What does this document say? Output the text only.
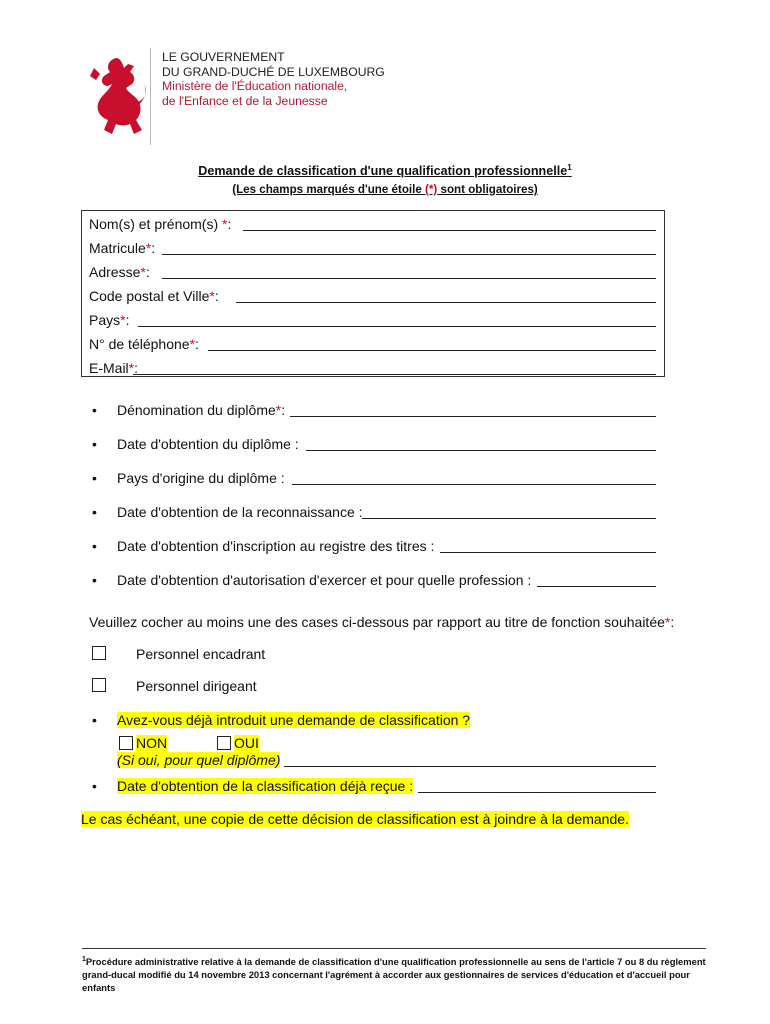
LE GOUVERNEMENT
DU GRAND-DUCHÉ DE LUXEMBOURG
Ministère de l'Éducation nationale,
de l'Enfance et de la Jeunesse
Demande de classification d'une qualification professionnelle$^1$
(Les champs marqués d'une étoile (*) sont obligatoires)
Nom(s) et prénom(s) *:
Matricule*:
Adresse*:
Code postal et Ville*:
Pays*:
N° de téléphone*:
E-Mail*:
• Dénomination du diplôme*:
• Date d'obtention du diplôme :
• Pays d'origine du diplôme :
• Date d'obtention de la reconnaissance :
• Date d'obtention d'inscription au registre des titres :
• Date d'obtention d'autorisation d'exercer et pour quelle profession :
Veuillez cocher au moins une des cases ci-dessous par rapport au titre de fonction souhaitée*:
Personnel encadrant
Personnel dirigeant
• Avez-vous déjà introduit une demande de classification ?
NON	OUI
(Si oui, pour quel diplôme)
• Date d'obtention de la classification déjà reçue :
Le cas échéant, une copie de cette décision de classification est à joindre à la demande.
$^1$Procédure administrative relative à la demande de classification d'une qualification professionnelle au sens de l'article 7 ou 8 du règlement grand-ducal modifié du 14 novembre 2013 concernant l'agrément à accorder aux gestionnaires de services d'éducation et d'accueil pour enfants
